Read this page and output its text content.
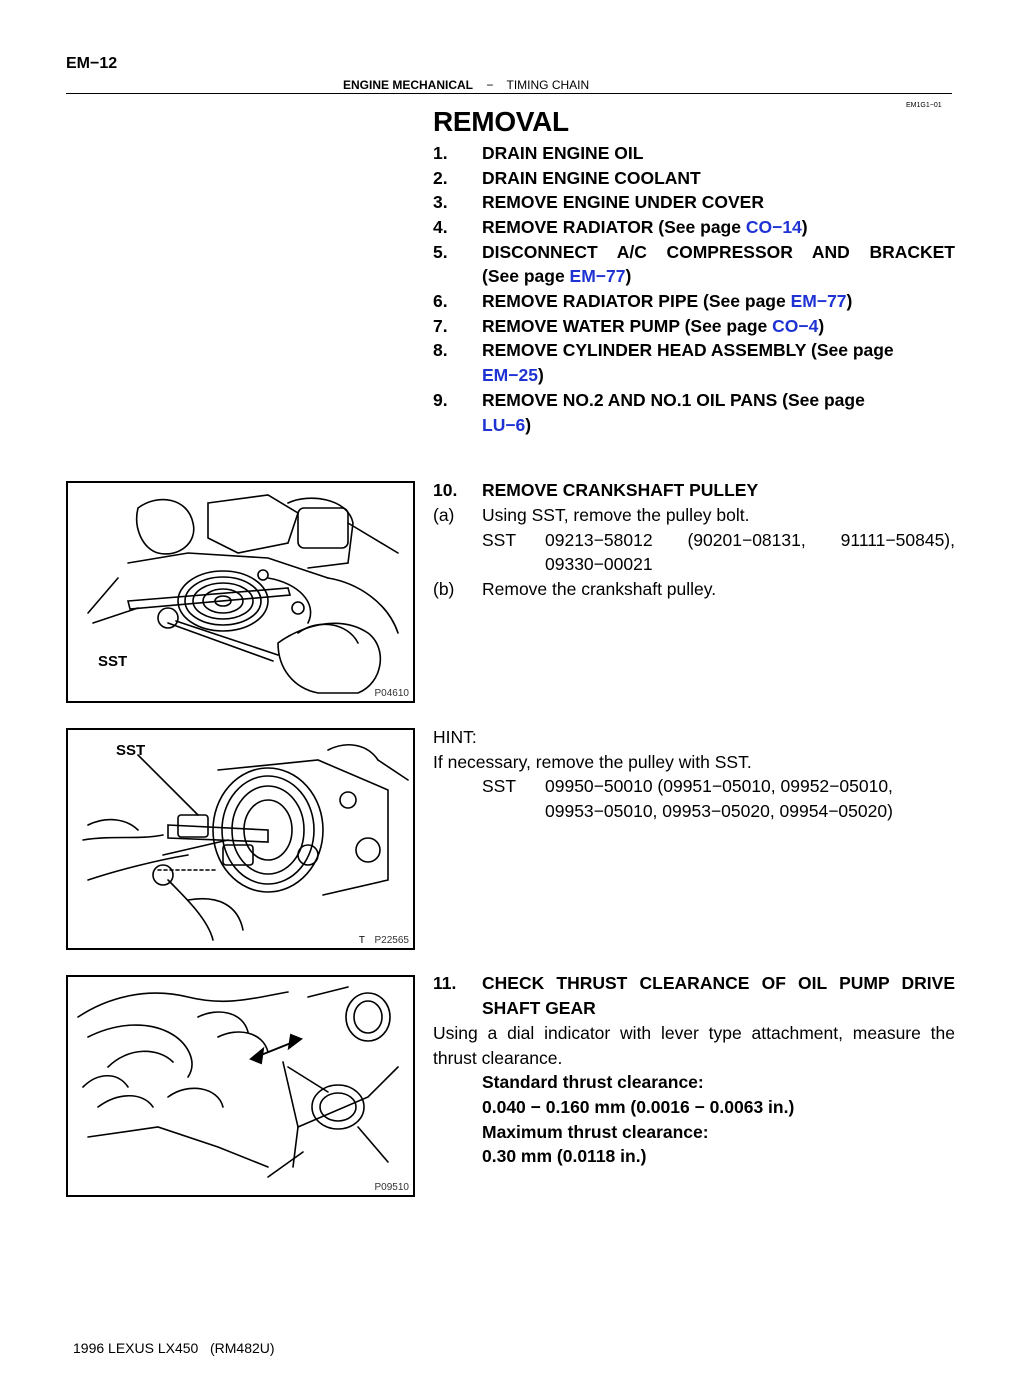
EM−12
ENGINE MECHANICAL − TIMING CHAIN
EM1G1−01
REMOVAL
1.	DRAIN ENGINE OIL
2.	DRAIN ENGINE COOLANT
3.	REMOVE ENGINE UNDER COVER
4.	REMOVE RADIATOR (See page CO−14)
5.	DISCONNECT A/C COMPRESSOR AND BRACKET
(See page EM−77)
6.	REMOVE RADIATOR PIPE (See page EM−77)
7.	REMOVE WATER PUMP (See page CO−4)
8.	REMOVE CYLINDER HEAD ASSEMBLY (See page
EM−25)
9.	REMOVE NO.2 AND NO.1 OIL PANS (See page
LU−6)
SST
P04610
10.	REMOVE CRANKSHAFT PULLEY
(a) Using SST, remove the pulley bolt.
SST 09213−58012 (90201−08131, 91111−50845),
09330−00021
(b) Remove the crankshaft pulley.
SST
T P22565
HINT:
If necessary, remove the pulley with SST.
SST 09950−50010 (09951−05010, 09952−05010,
09953−05010, 09953−05020, 09954−05020)
P09510
11.	CHECK THRUST CLEARANCE OF OIL PUMP DRIVE
SHAFT GEAR
Using a dial indicator with lever type attachment, measure the
thrust clearance.
Standard thrust clearance:
0.040 − 0.160 mm (0.0016 − 0.0063 in.)
Maximum thrust clearance:
0.30 mm (0.0118 in.)
1996 LEXUS LX450   (RM482U)
